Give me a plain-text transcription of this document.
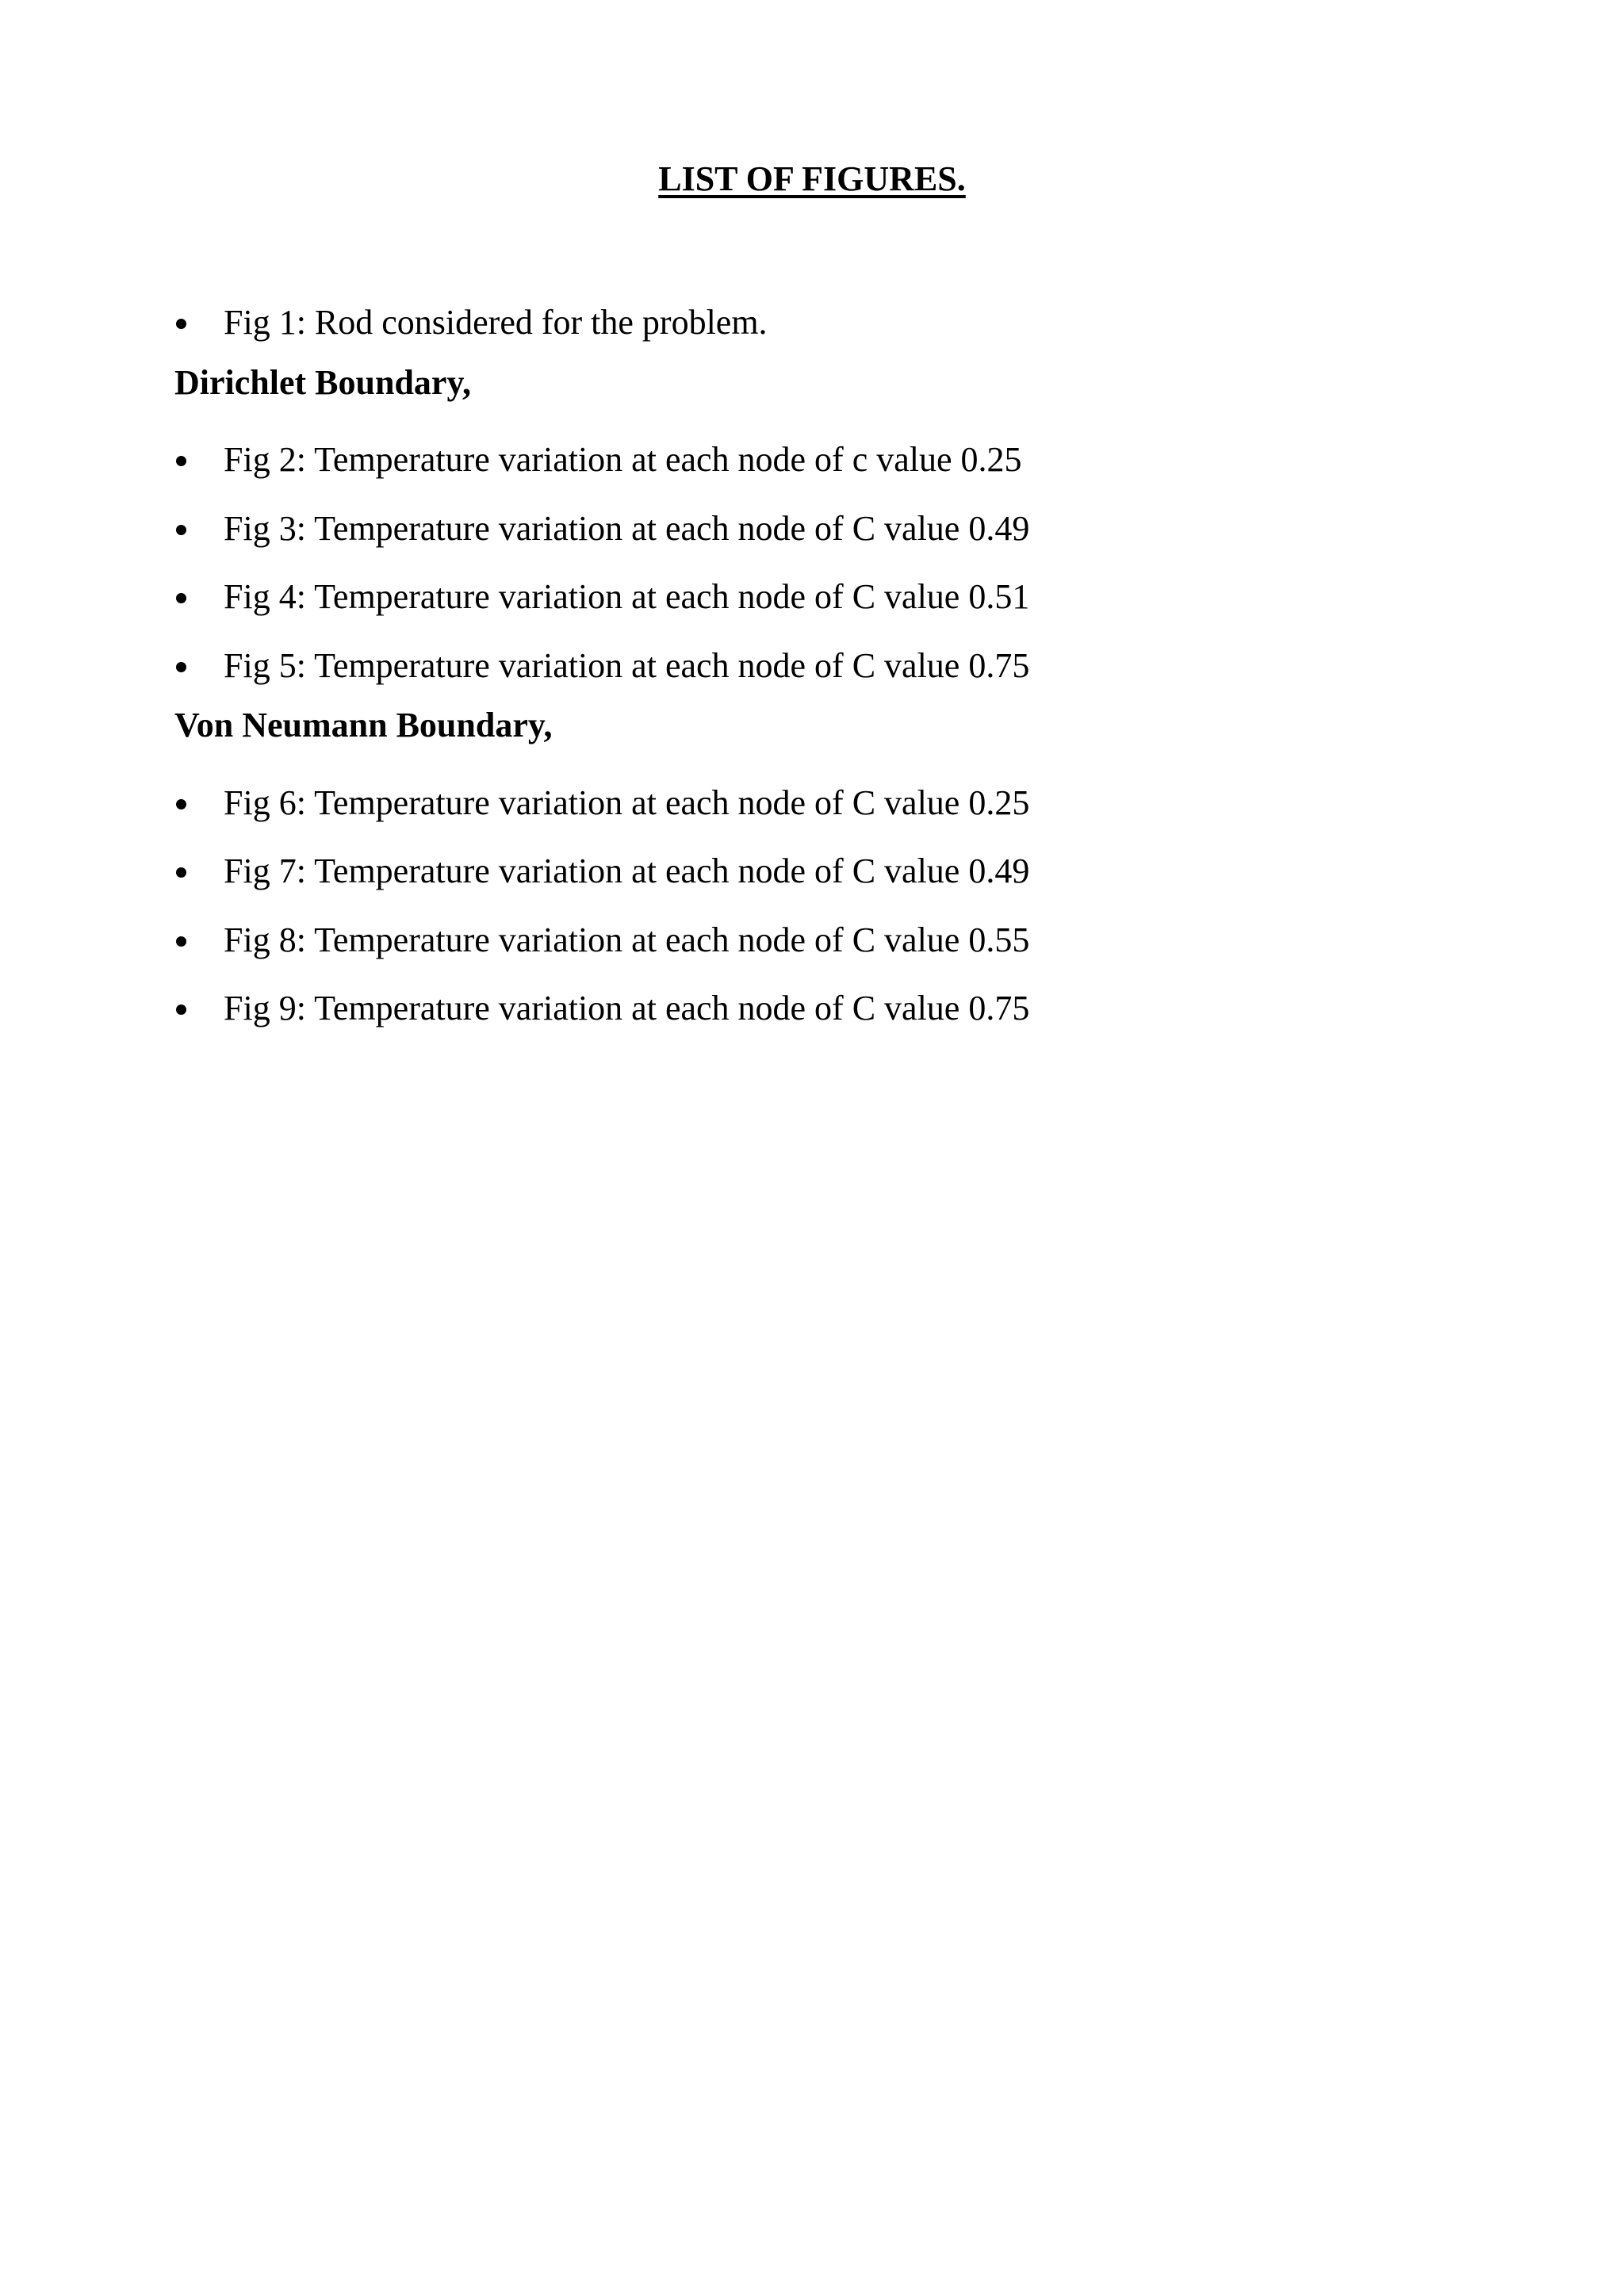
LIST OF FIGURES.
Fig 1: Rod considered for the problem.
Dirichlet Boundary,
Fig 2: Temperature variation at each node of c value 0.25
Fig 3: Temperature variation at each node of C value 0.49
Fig 4: Temperature variation at each node of C value 0.51
Fig 5: Temperature variation at each node of C value 0.75
Von Neumann Boundary,
Fig 6: Temperature variation at each node of C value 0.25
Fig 7: Temperature variation at each node of C value 0.49
Fig 8: Temperature variation at each node of C value 0.55
Fig 9: Temperature variation at each node of C value 0.75
